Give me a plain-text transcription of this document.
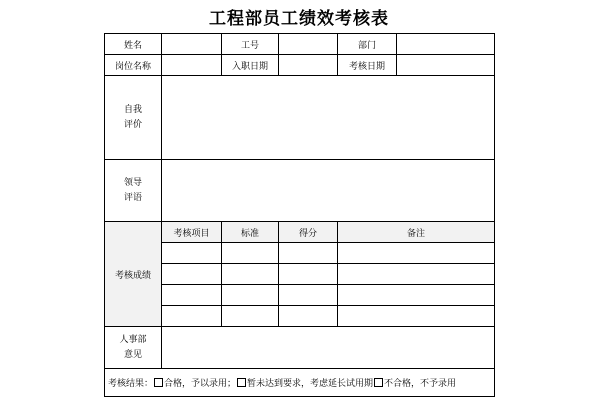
工程部员工绩效考核表
姓名		工号		部门	
岗位名称		入职日期		考核日期	

自我
评价					

领导
评语					

考核成绩	考核项目	标准	得分	备注	

人事部
意见					

考核结果： 合格，予以录用； 暂未达到要求，考虑延长试用期 不合格，不予录用					
